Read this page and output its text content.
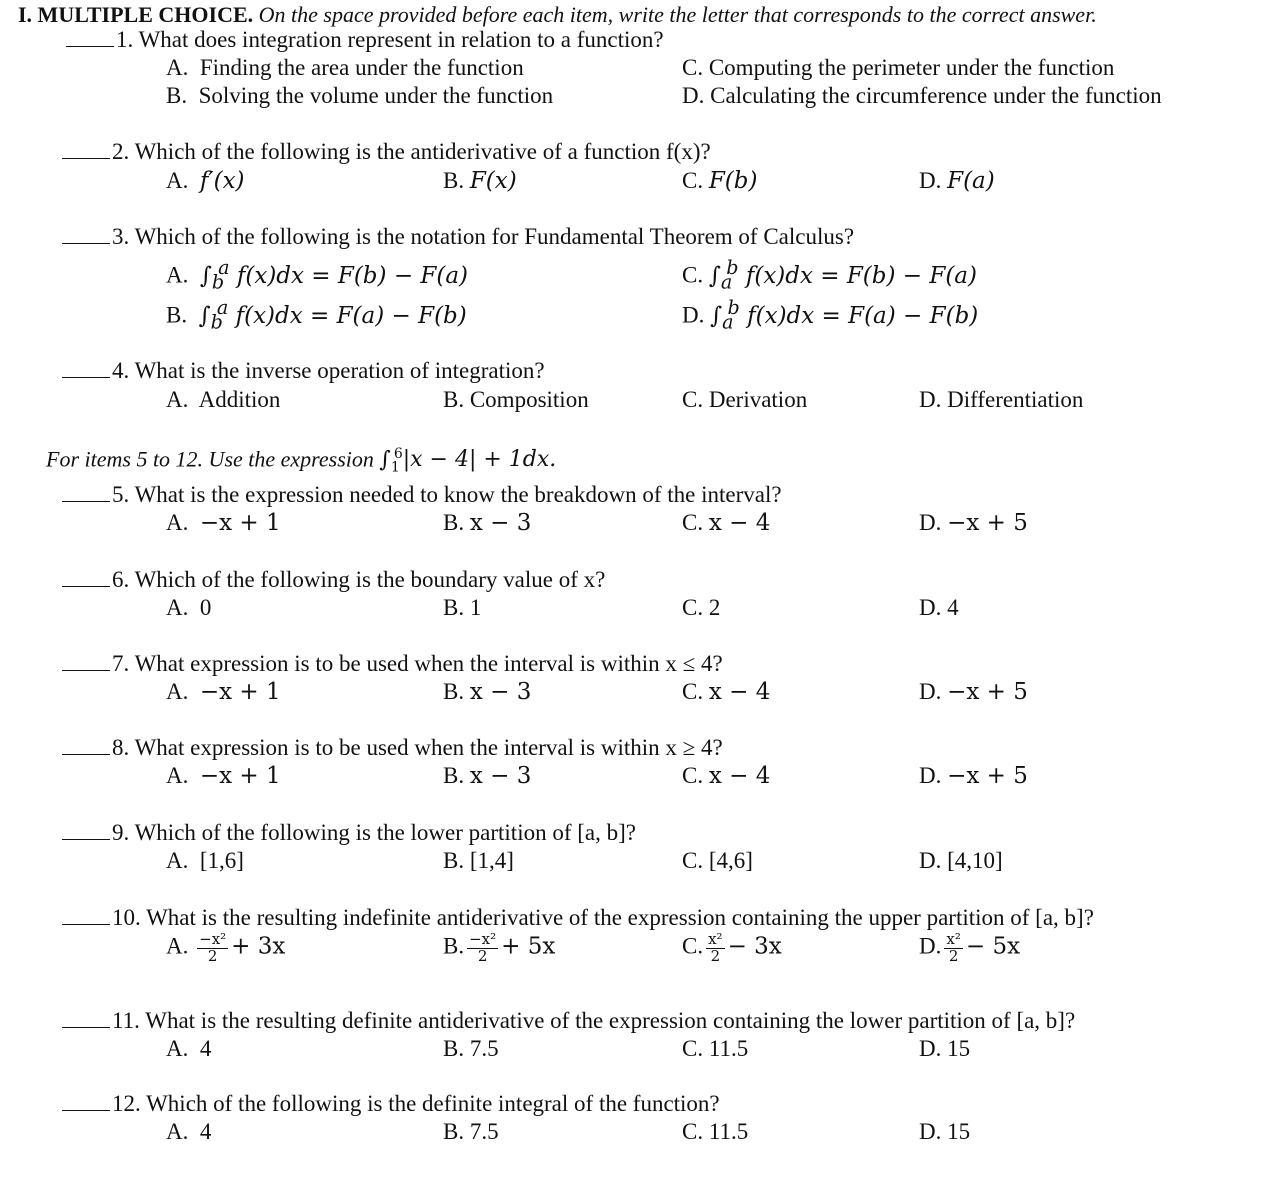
I. MULTIPLE CHOICE. On the space provided before each item, write the letter that corresponds to the correct answer.
1. What does integration represent in relation to a function?
A. Finding the area under the function
B. Solving the volume under the function
C. Computing the perimeter under the function
D. Calculating the circumference under the function
2. Which of the following is the antiderivative of a function f(x)?
A. f′(x)	B. F(x)	C. F(b)	D. F(a)
3. Which of the following is the notation for Fundamental Theorem of Calculus?
A. $\int_b^a$ f(x)dx = F(b) − F(a)
B. $\int_b^a$ f(x)dx = F(a) − F(b)
C. $\int_a^b$ f(x)dx = F(b) − F(a)
D. $\int_a^b$ f(x)dx = F(a) − F(b)
4. What is the inverse operation of integration?
A. Addition	B. Composition	C. Derivation	D. Differentiation
For items 5 to 12. Use the expression $\int_1^6|x - 4| + 1dx$.
5. What is the expression needed to know the breakdown of the interval?
A. −x + 1	B. x − 3	C. x − 4	D. −x + 5
6. Which of the following is the boundary value of x?
A. 0	B. 1	C. 2	D. 4
7. What expression is to be used when the interval is within x ≤ 4?
A. −x + 1	B. x − 3	C. x − 4	D. −x + 5
8. What expression is to be used when the interval is within x ≥ 4?
A. −x + 1	B. x − 3	C. x − 4	D. −x + 5
9. Which of the following is the lower partition of [a, b]?
A. [1,6]	B. [1,4]	C. [4,6]	D. [4,10]
10. What is the resulting indefinite antiderivative of the expression containing the upper partition of [a, b]?
A. $\frac{\text{−x²}}{2} + 3x$	B. $\frac{\text{−x²}}{2} + 5x$	C. $\frac{\text{x²}}{2} - 3x$	D. $\frac{\text{x²}}{2} - 5x$
11. What is the resulting definite antiderivative of the expression containing the lower partition of [a, b]?
A. 4	B. 7.5	C. 11.5	D. 15
12. Which of the following is the definite integral of the function?
A. 4	B. 7.5	C. 11.5	D. 15
